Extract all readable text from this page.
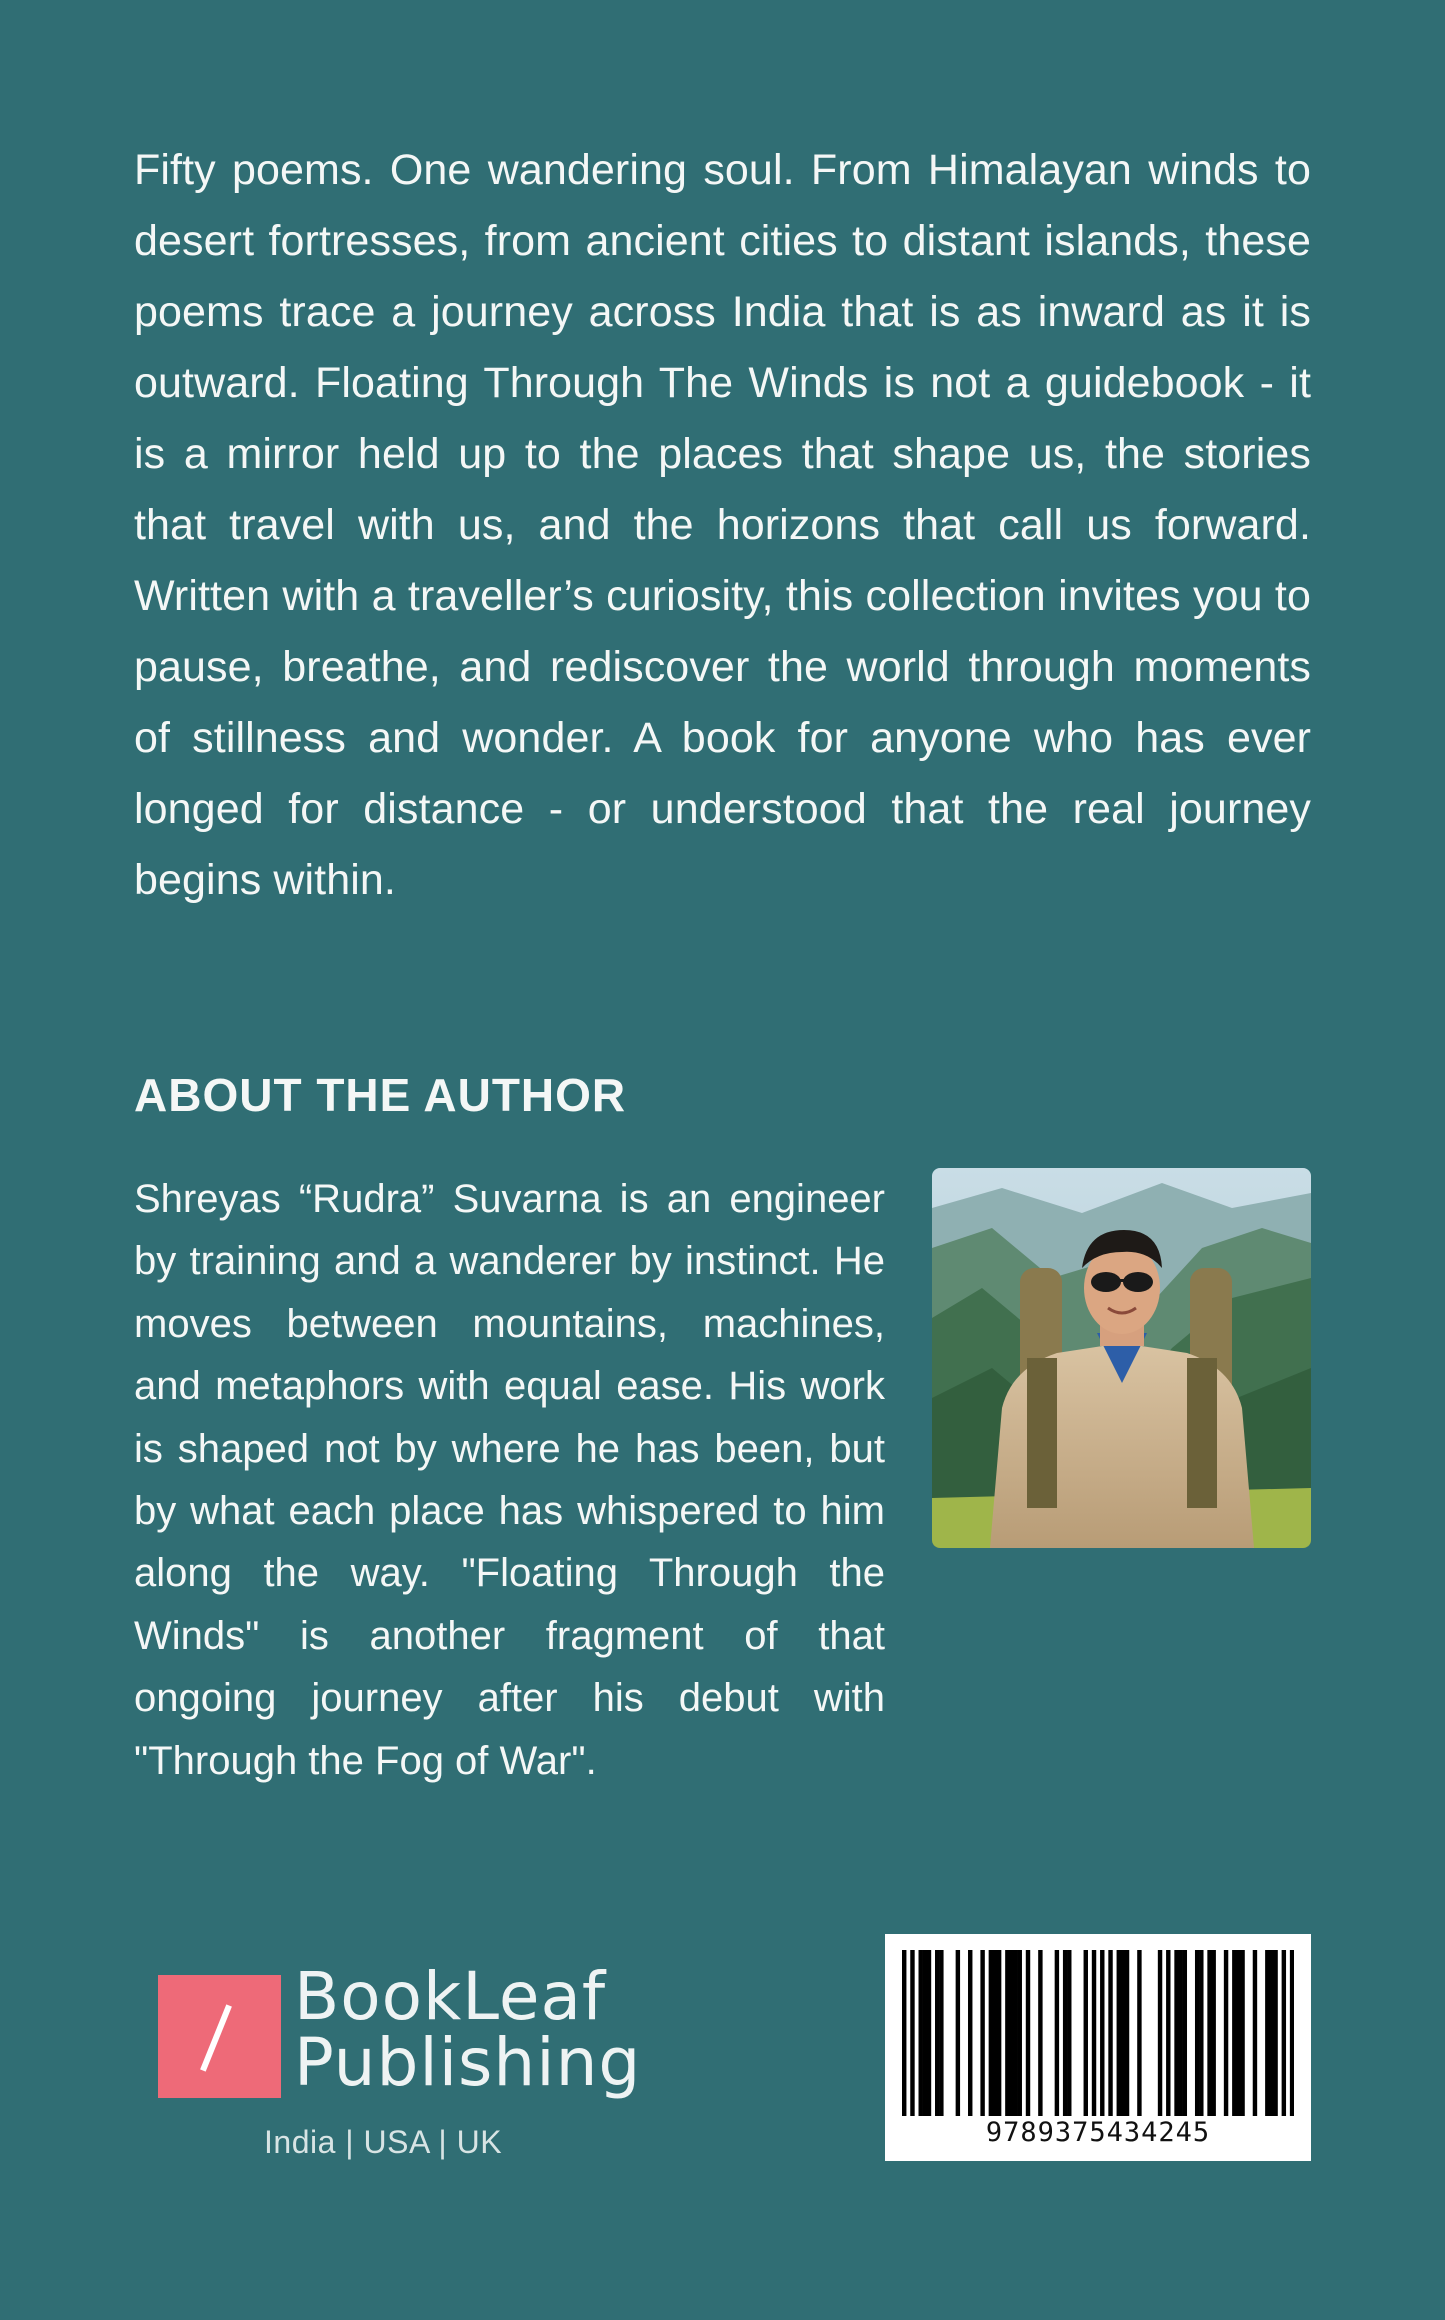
Fifty poems. One wandering soul. From Himalayan winds to desert fortresses, from ancient cities to distant islands, these poems trace a journey across India that is as inward as it is outward. Floating Through The Winds is not a guidebook - it is a mirror held up to the places that shape us, the stories that travel with us, and the horizons that call us forward. Written with a traveller’s curiosity, this collection invites you to pause, breathe, and rediscover the world through moments of stillness and wonder. A book for anyone who has ever longed for distance - or understood that the real journey begins within.

ABOUT THE AUTHOR

Shreyas “Rudra” Suvarna is an engineer by training and a wanderer by instinct. He moves between mountains, machines, and metaphors with equal ease. His work is shaped not by where he has been, but by what each place has whispered to him along the way. "Floating Through the Winds" is another fragment of that ongoing journey after his debut with "Through the Fog of War".

BookLeaf
Publishing
India | USA | UK	9789375434245
